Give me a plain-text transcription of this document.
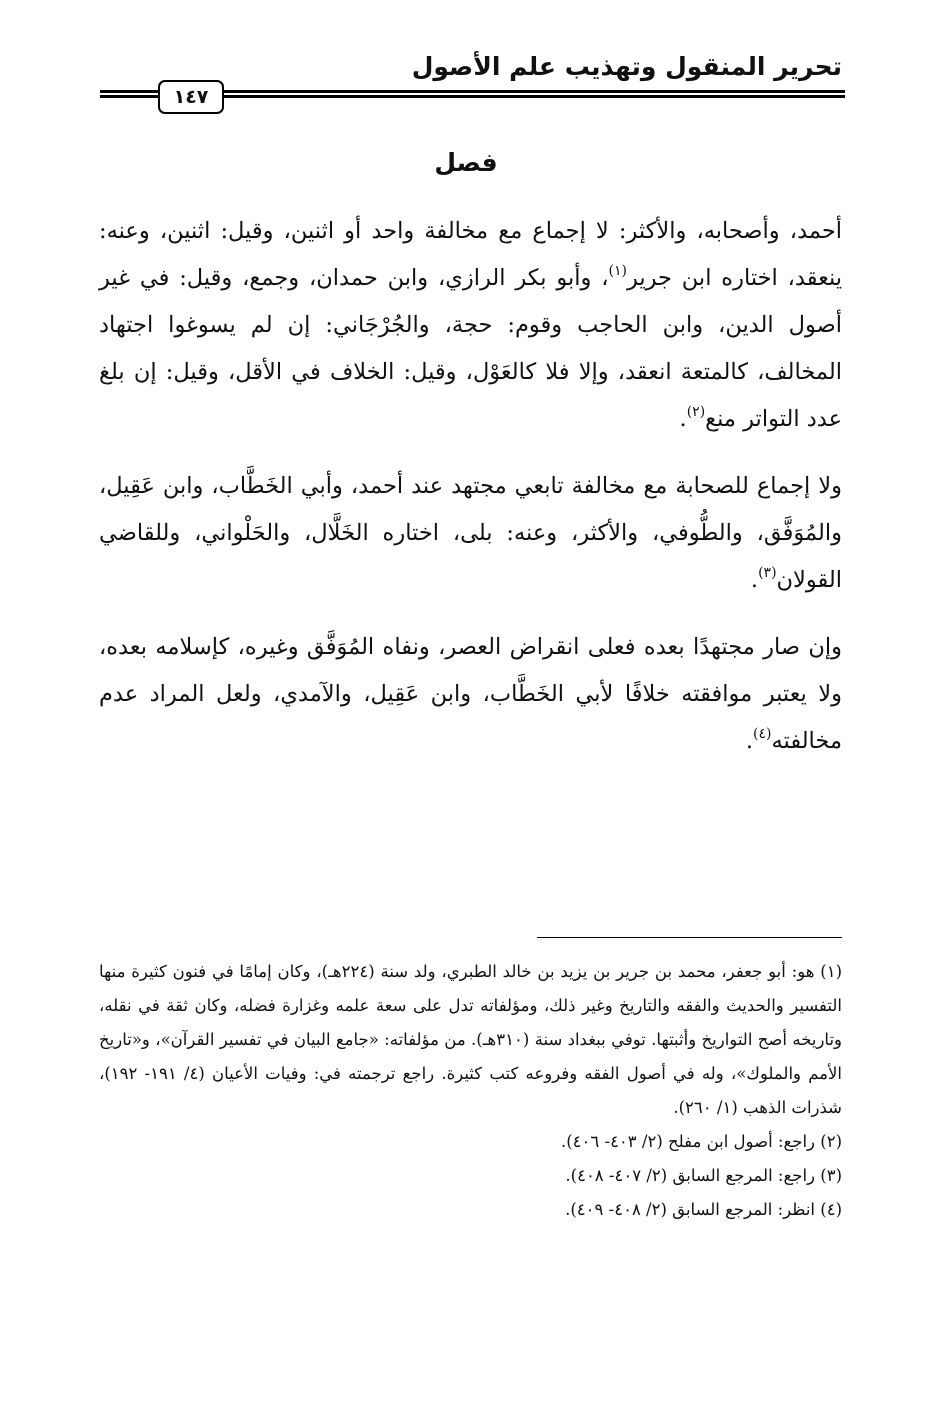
تحرير المنقول وتهذيب علم الأصول
١٤٧
فصل

أحمد، وأصحابه، والأكثر: لا إجماع مع مخالفة واحد أو اثنين، وقيل: اثنين، وعنه: ينعقد، اختاره ابن جرير$^{(١)}$، وأبو بكر الرازي، وابن حمدان، وجمع، وقيل: في غير أصول الدين، وابن الحاجب وقوم: حجة، والجُرْجَاني: إن لم يسوغوا اجتهاد المخالف، كالمتعة انعقد، وإلا فلا كالعَوْل، وقيل: الخلاف في الأقل، وقيل: إن بلغ عدد التواتر منع$^{(٢)}$.

ولا إجماع للصحابة مع مخالفة تابعي مجتهد عند أحمد، وأبي الخَطَّاب، وابن عَقِيل، والمُوَفَّق، والطُّوفي، والأكثر، وعنه: بلى، اختاره الخَلَّال، والحَلْواني، وللقاضي القولان$^{(٣)}$.

وإن صار مجتهدًا بعده فعلى انقراض العصر، ونفاه المُوَفَّق وغيره، كإسلامه بعده، ولا يعتبر موافقته خلافًا لأبي الخَطَّاب، وابن عَقِيل، والآمدي، ولعل المراد عدم مخالفته$^{(٤)}$.

(١) هو: أبو جعفر، محمد بن جرير بن يزيد بن خالد الطبري، ولد سنة (٢٢٤هـ)، وكان إمامًا في فنون كثيرة منها التفسير والحديث والفقه والتاريخ وغير ذلك، ومؤلفاته تدل على سعة علمه وغزارة فضله، وكان ثقة في نقله، وتاريخه أصح التواريخ وأثبتها. توفي ببغداد سنة (٣١٠هـ). من مؤلفاته: «جامع البيان في تفسير القرآن»، و«تاريخ الأمم والملوك»، وله في أصول الفقه وفروعه كتب كثيرة. راجع ترجمته في: وفيات الأعيان (٤/ ١٩١- ١٩٢)، شذرات الذهب (١/ ٢٦٠).

(٢) راجع: أصول ابن مفلح (٢/ ٤٠٣- ٤٠٦).

(٣) راجع: المرجع السابق (٢/ ٤٠٧- ٤٠٨).

(٤) انظر: المرجع السابق (٢/ ٤٠٨- ٤٠٩).
